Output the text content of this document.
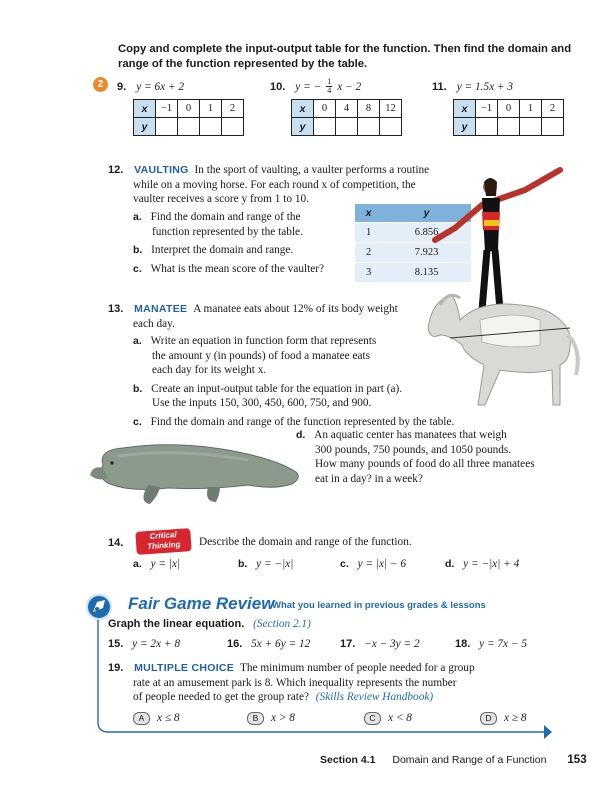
Copy and complete the input-output table for the function. Then find the domain and range of the function represented by the table.
2	9. y = 6x + 2
x	−1	0	1	2
y				
10. y = − $\frac{1}{4}$ x − 2
x	0	4	8	12
y				
11. y = 1.5x + 3
x	−1	0	1	2
y				
12. VAULTING In the sport of vaulting, a vaulter performs a routine
while on a moving horse. For each round x of competition, the
vaulter receives a score y from 1 to 10.
a. Find the domain and range of the
function represented by the table.
b. Interpret the domain and range.
c. What is the mean score of the vaulter?
x	y
1	6.856
2	7.923
3	8.135
13. MANATEE A manatee eats about 12% of its body weight
each day.
a. Write an equation in function form that represents
the amount y (in pounds) of food a manatee eats
each day for its weight x.
b. Create an input-output table for the equation in part (a).
Use the inputs 150, 300, 450, 600, 750, and 900.
c. Find the domain and range of the function represented by the table.
d. An aquatic center has manatees that weigh
300 pounds, 750 pounds, and 1050 pounds.
How many pounds of food do all three manatees
eat in a day? in a week?
14.
Critical
Thinking	Describe the domain and range of the function.
a. y = |x|	b. y = −|x|	c. y = |x| − 6	d. y = −|x| + 4
Fair Game Review
What you learned in previous grades & lessons
Graph the linear equation. (Section 2.1)
15. y = 2x + 8	16. 5x + 6y = 12	17. −x − 3y = 2	18. y = 7x − 5
19. MULTIPLE CHOICE The minimum number of people needed for a group
rate at an amusement park is 8. Which inequality represents the number
of people needed to get the group rate? (Skills Review Handbook)
A	x ≤ 8	B	x > 8	C	x < 8	D	x ≥ 8
Section 4.1 Domain and Range of a Function 153
